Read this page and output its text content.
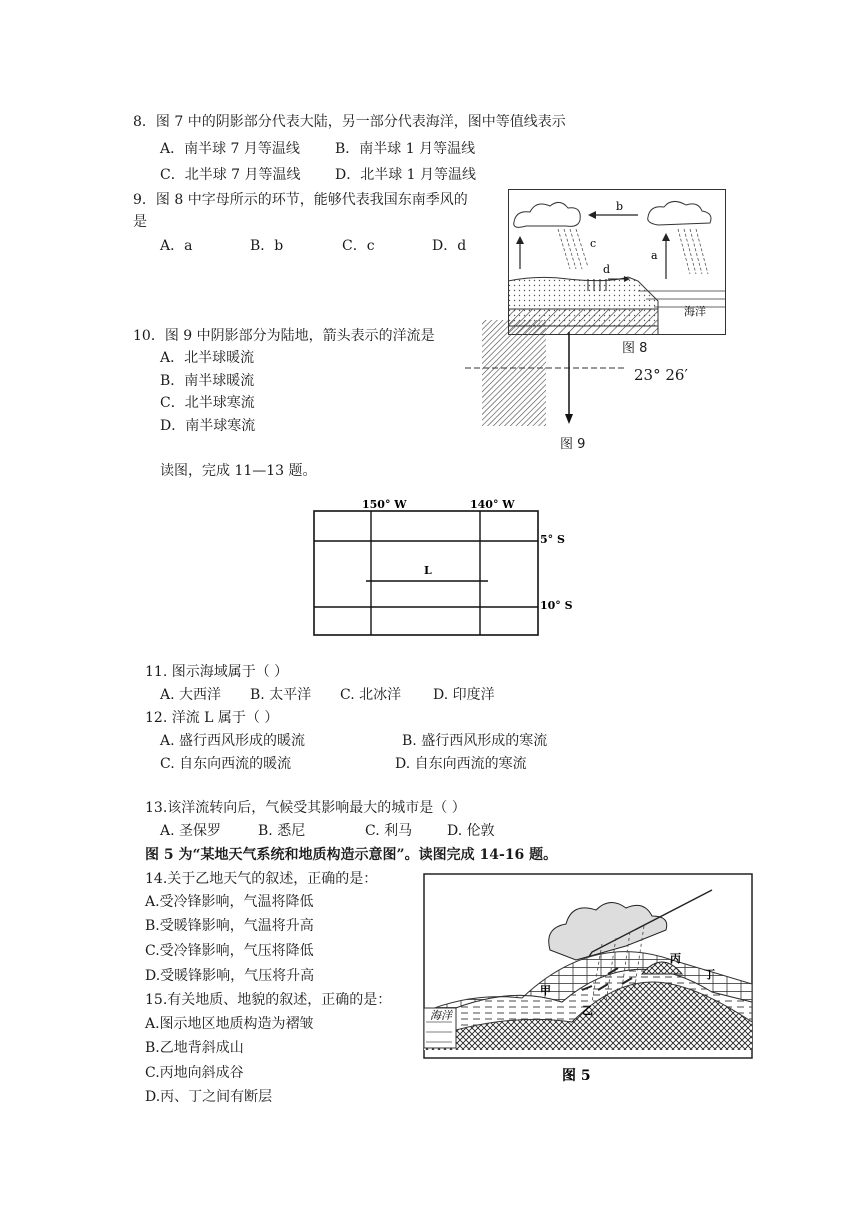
8．图 7 中的阴影部分代表大陆，另一部分代表海洋，图中等值线表示
A．南半球 7 月等温线	B．南半球 1 月等温线
C．北半球 7 月等温线 D．北半球 1 月等温线
9．图 8 中字母所示的环节，能够代表我国东南季风的
是
A．a	B．b	C．c	D．d
b
a
c
d
海洋
图 8
10．图 9 中阴影部分为陆地，箭头表示的洋流是
A．北半球暖流
B．南半球暖流
C．北半球寒流
D．南半球寒流
23° 26′
图 9
读图，完成 11—13 题。
150° W	140° W
5° S
10° S
L
11. 图示海域属于（ ）
A. 大西洋 B. 太平洋 C. 北冰洋 D. 印度洋
12. 洋流 L 属于（ ）
A. 盛行西风形成的暖流	B. 盛行西风形成的寒流
C. 自东向西流的暖流	D. 自东向西流的寒流
13.该洋流转向后，气候受其影响最大的城市是（ ）
A. 圣保罗	B. 悉尼	C. 利马 D. 伦敦
图 5 为“某地天气系统和地质构造示意图”。读图完成 14-16 题。
14.关于乙地天气的叙述，正确的是：
A.受冷锋影响，气温将降低
B.受暖锋影响，气温将升高
C.受冷锋影响，气压将降低
D.受暖锋影响，气压将升高
15.有关地质、地貌的叙述，正确的是：
A.图示地区地质构造为褶皱
B.乙地背斜成山
C.丙地向斜成谷
D.丙、丁之间有断层
海洋
甲
乙
丙
丁
图 5
